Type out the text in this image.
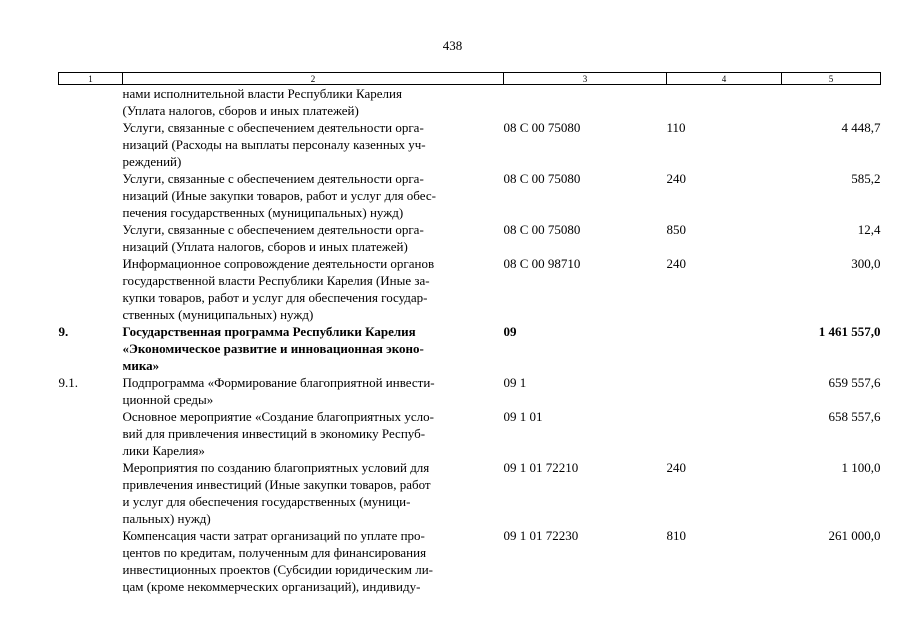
438
1	2	3	4	5
	нами исполнительной власти Республики Карелия
(Уплата налогов, сборов и иных платежей)			
	Услуги, связанные с обеспечением деятельности орга-
низаций (Расходы на выплаты персоналу казенных уч-
реждений)	08 С 00 75080	110	4 448,7
	Услуги, связанные с обеспечением деятельности орга-
низаций (Иные закупки товаров, работ и услуг для обес-
печения государственных (муниципальных) нужд)	08 С 00 75080	240	585,2
	Услуги, связанные с обеспечением деятельности орга-
низаций (Уплата налогов, сборов и иных платежей)	08 С 00 75080	850	12,4
	Информационное сопровождение деятельности органов
государственной власти Республики Карелия (Иные за-
купки товаров, работ и услуг для обеспечения государ-
ственных (муниципальных) нужд)	08 С 00 98710	240	300,0
9.	Государственная программа Республики Карелия
«Экономическое развитие и инновационная эконо-
мика»	09		1 461 557,0
9.1.	Подпрограмма «Формирование благоприятной инвести-
ционной среды»	09 1		659 557,6
	Основное мероприятие «Создание благоприятных усло-
вий для привлечения инвестиций в экономику Респуб-
лики Карелия»	09 1 01		658 557,6
	Мероприятия по созданию благоприятных условий для
привлечения инвестиций (Иные закупки товаров, работ
и услуг для обеспечения государственных (муници-
пальных) нужд)	09 1 01 72210	240	1 100,0
	Компенсация части затрат организаций по уплате про-
центов по кредитам, полученным для финансирования
инвестиционных проектов (Субсидии юридическим ли-
цам (кроме некоммерческих организаций), индивиду-	09 1 01 72230	810	261 000,0
